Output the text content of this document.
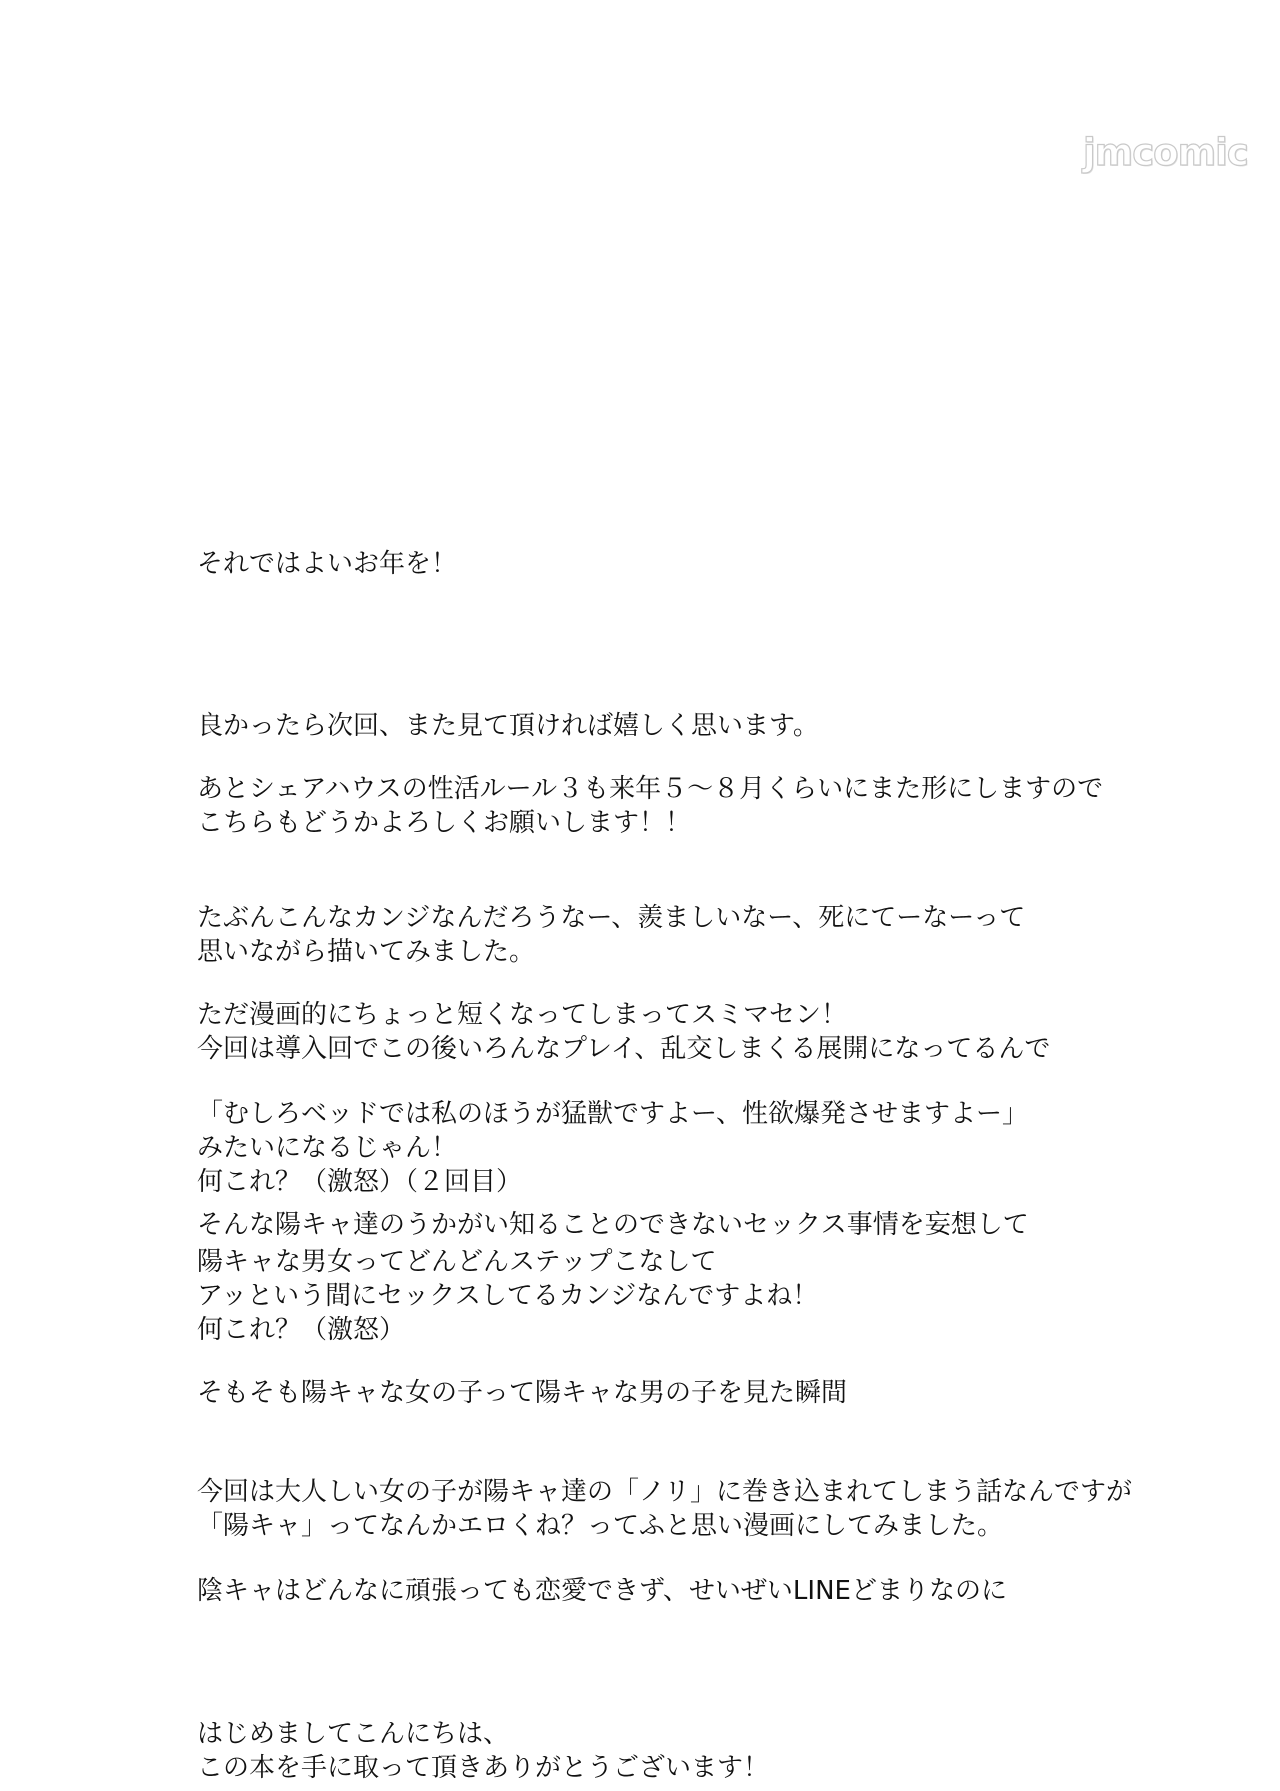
jmcomic
それではよいお年を！
良かったら次回、また見て頂ければ嬉しく思います。
あとシェアハウスの性活ルール３も来年５～８月くらいにまた形にしますので
こちらもどうかよろしくお願いします！！
たぶんこんなカンジなんだろうなー、羨ましいなー、死にてーなーって
思いながら描いてみました。
ただ漫画的にちょっと短くなってしまってスミマセン！
今回は導入回でこの後いろんなプレイ、乱交しまくる展開になってるんで
「むしろベッドでは私のほうが猛獣ですよー、性欲爆発させますよー」
みたいになるじゃん！
何これ？（激怒）（２回目）
そんな陽キャ達のうかがい知ることのできないセックス事情を妄想して
陽キャな男女ってどんどんステップこなして
アッという間にセックスしてるカンジなんですよね！
何これ？（激怒）
そもそも陽キャな女の子って陽キャな男の子を見た瞬間
今回は大人しい女の子が陽キャ達の「ノリ」に巻き込まれてしまう話なんですが
「陽キャ」ってなんかエロくね？ってふと思い漫画にしてみました。
陰キャはどんなに頑張っても恋愛できず、せいぜいLINEどまりなのに
はじめましてこんにちは、
この本を手に取って頂きありがとうございます！
